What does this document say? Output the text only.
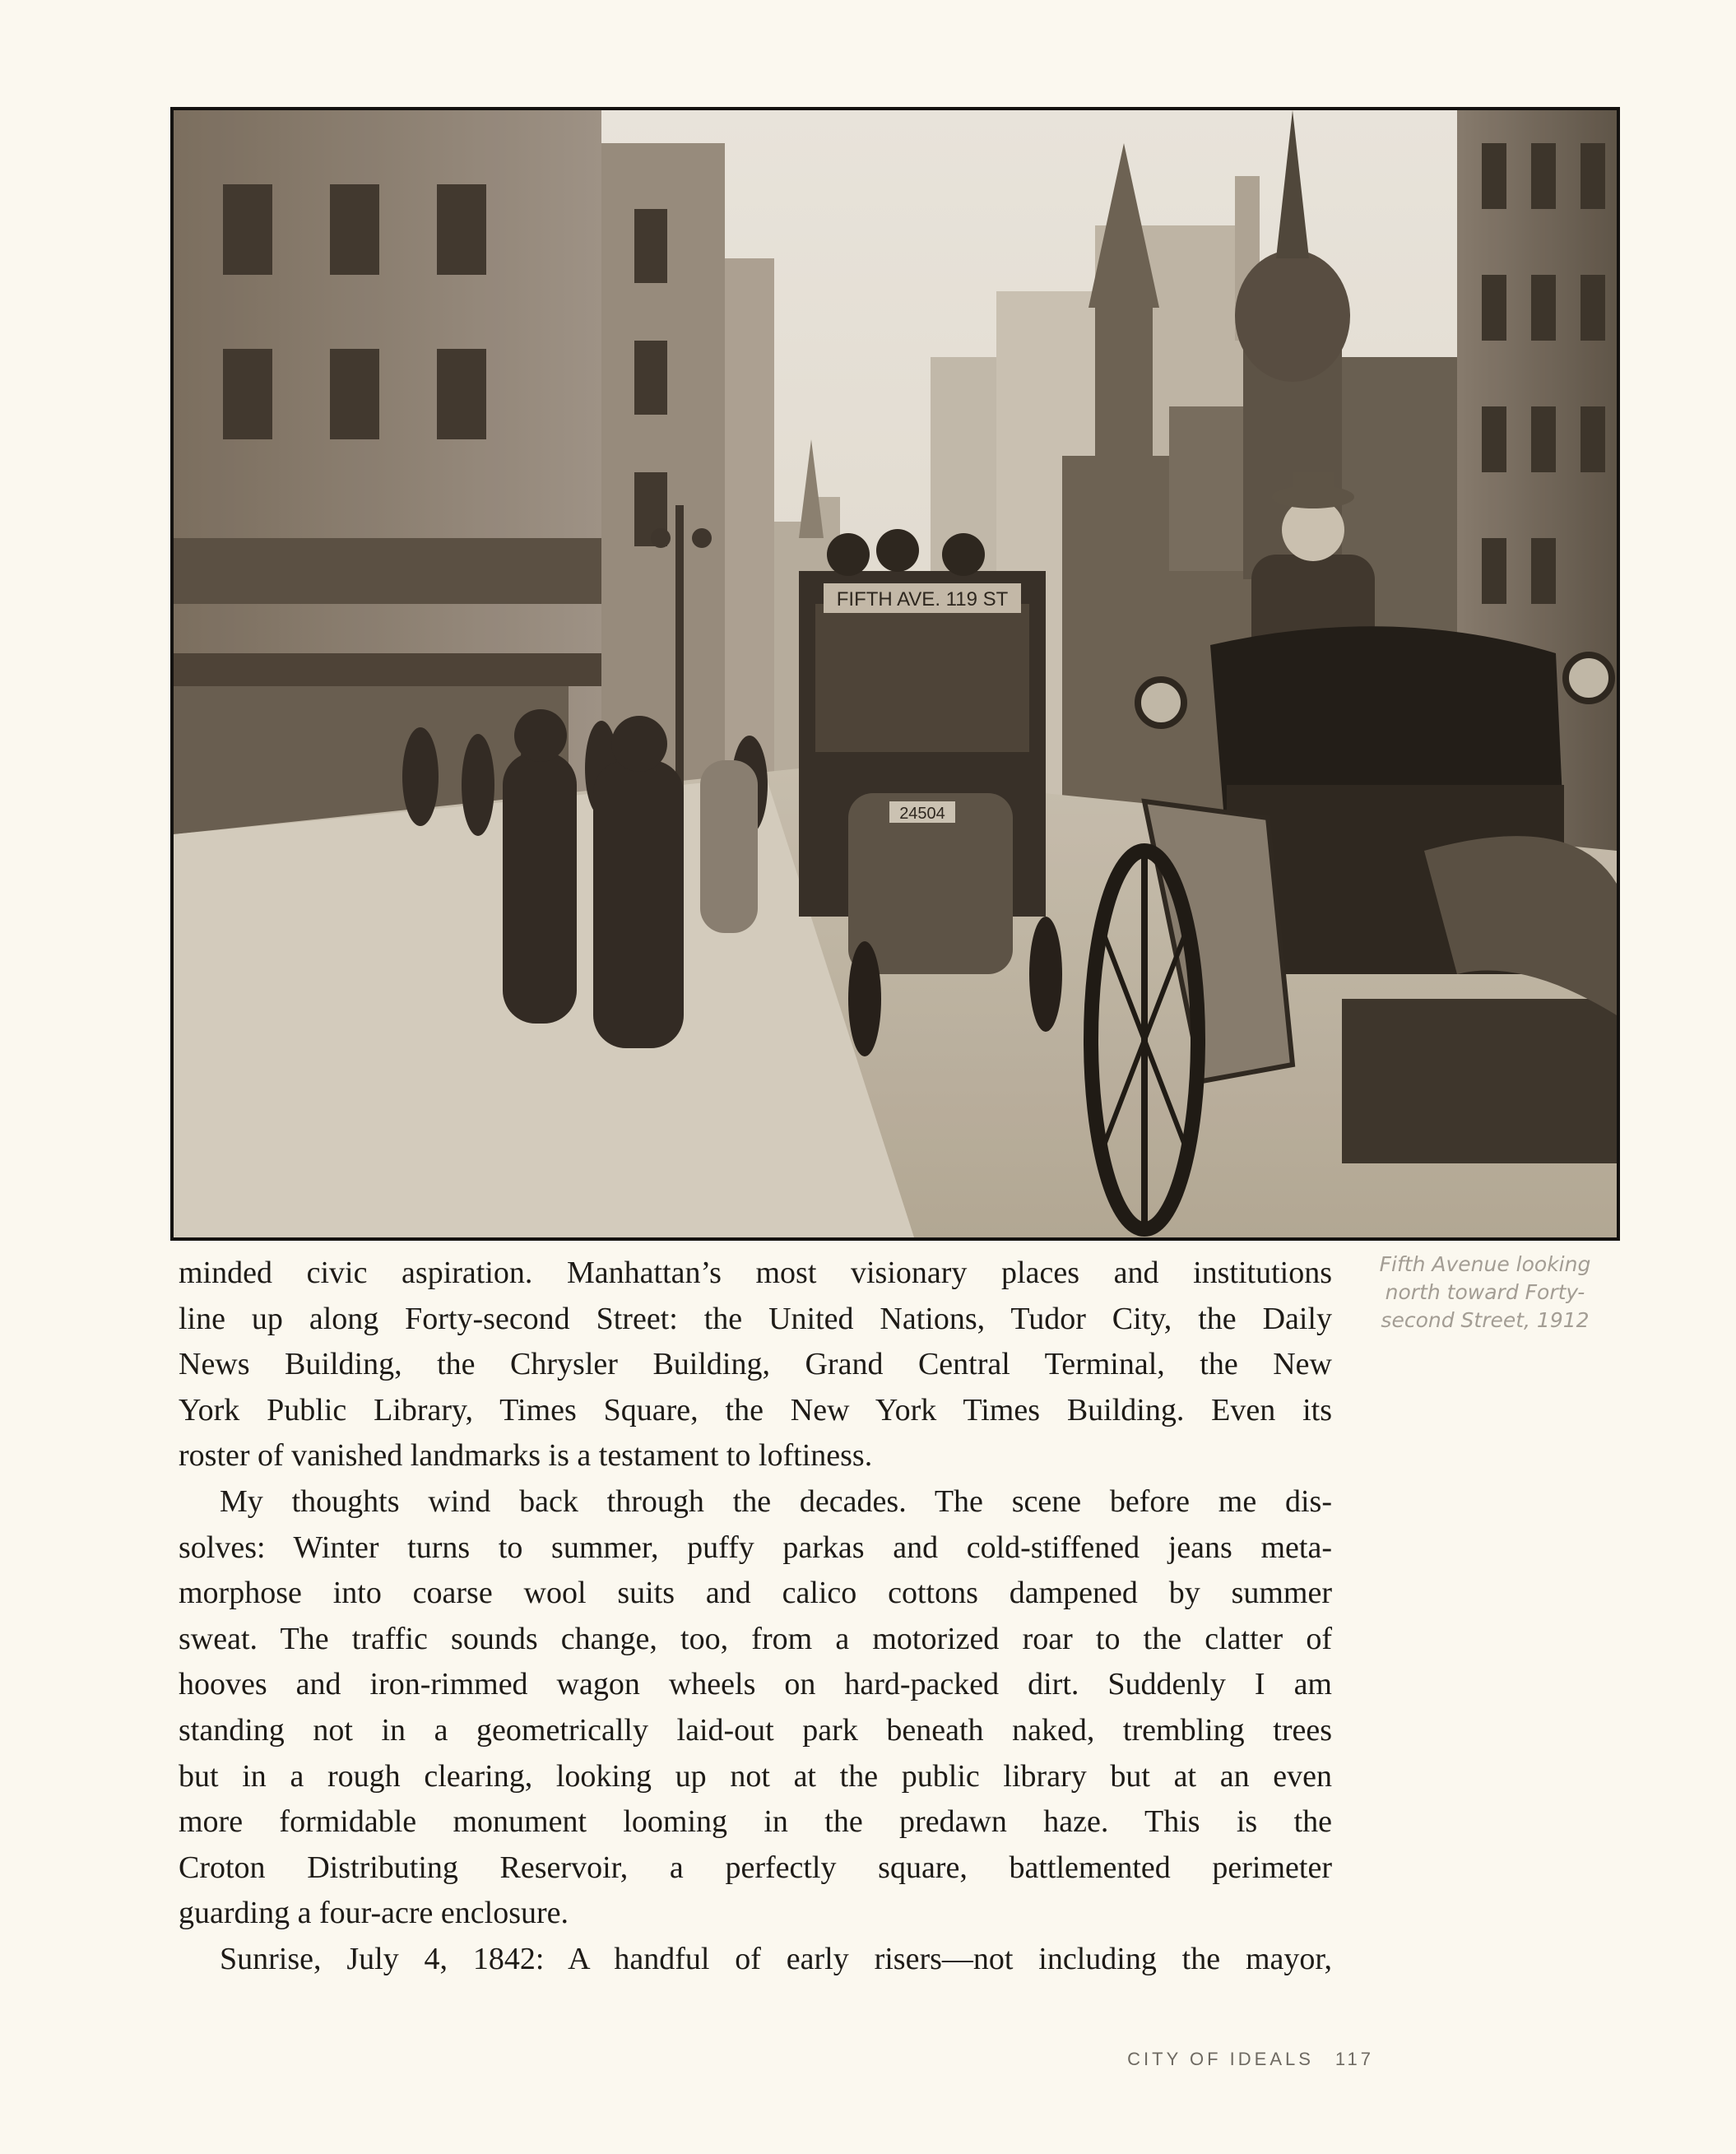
FIFTH AVE. 119 ST
24504
Fifth Avenue looking
north toward Forty-
second Street, 1912
minded civic aspiration. Manhattan’s most visionary places and institutions
line up along Forty-second Street: the United Nations, Tudor City, the Daily
News Building, the Chrysler Building, Grand Central Terminal, the New
York Public Library, Times Square, the New York Times Building. Even its
roster of vanished landmarks is a testament to loftiness.
My thoughts wind back through the decades. The scene before me dis-
solves: Winter turns to summer, puffy parkas and cold-stiffened jeans meta-
morphose into coarse wool suits and calico cottons dampened by summer
sweat. The traffic sounds change, too, from a motorized roar to the clatter of
hooves and iron-rimmed wagon wheels on hard-packed dirt. Suddenly I am
standing not in a geometrically laid-out park beneath naked, trembling trees
but in a rough clearing, looking up not at the public library but at an even
more formidable monument looming in the predawn haze. This is the
Croton Distributing Reservoir, a perfectly square, battlemented perimeter
guarding a four-acre enclosure.
Sunrise, July 4, 1842: A handful of early risers—not including the mayor,
CITY OF IDEALS 117
